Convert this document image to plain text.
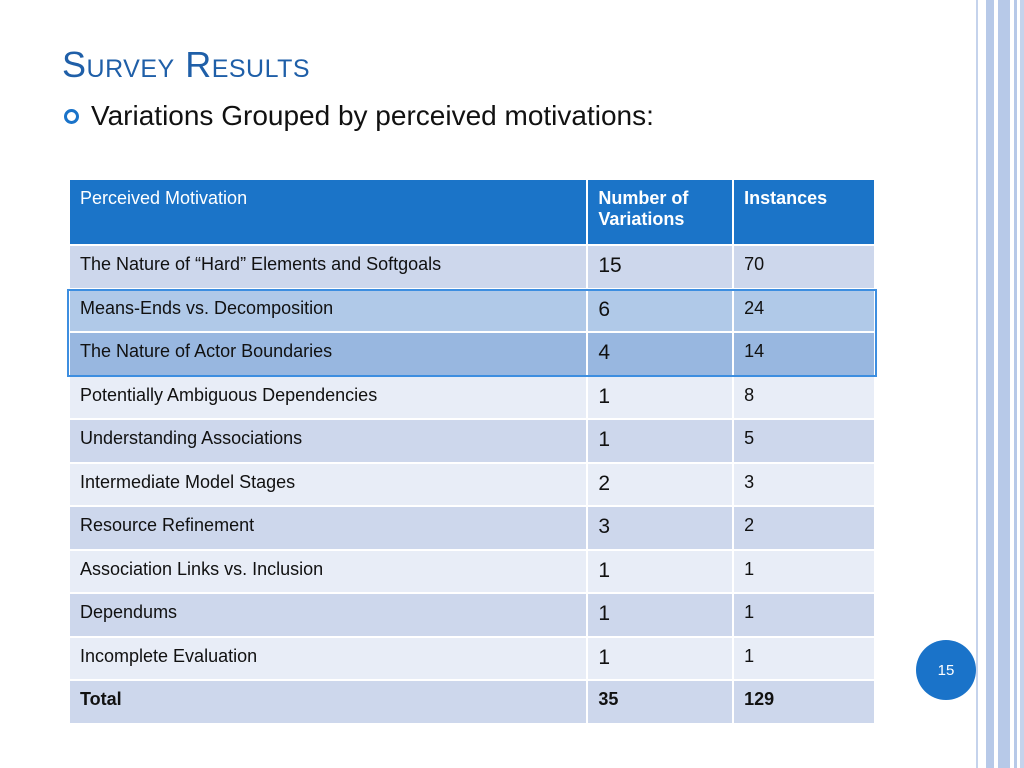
Survey Results
Variations Grouped by perceived motivations:
Perceived Motivation	Number of Variations	Instances
The Nature of “Hard” Elements and Softgoals	15	70
Means-Ends vs. Decomposition	6	24
The Nature of Actor Boundaries	4	14
Potentially Ambiguous Dependencies	1	8
Understanding Associations	1	5
Intermediate Model Stages	2	3
Resource Refinement	3	2
Association Links vs. Inclusion	1	1
Dependums	1	1
Incomplete Evaluation	1	1
Total	35	129
15
